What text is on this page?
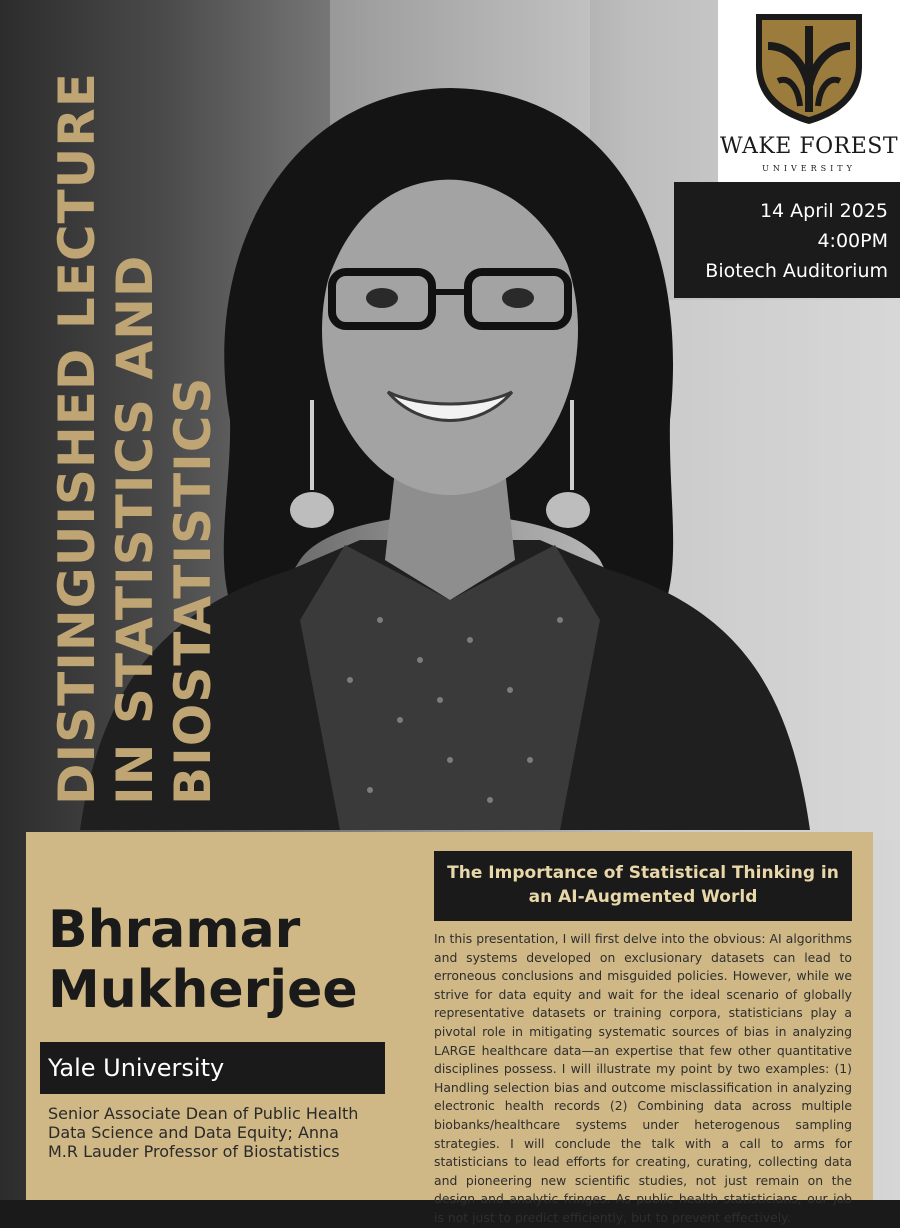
DISTINGUISHED LECTURE
IN STATISTICS AND
BIOSTATISTICS
WAKE FOREST
UNIVERSITY
14 April 2025
4:00PM
Biotech Auditorium
Bhramar
Mukherjee
Yale University
Senior Associate Dean of Public Health Data Science and Data Equity; Anna M.R Lauder Professor of Biostatistics
The Importance of Statistical Thinking in an AI-Augmented World
In this presentation, I will first delve into the obvious: AI algorithms and systems developed on exclusionary datasets can lead to erroneous conclusions and misguided policies. However, while we strive for data equity and wait for the ideal scenario of globally representative datasets or training corpora, statisticians play a pivotal role in mitigating systematic sources of bias in analyzing LARGE healthcare data—an expertise that few other quantitative disciplines possess. I will illustrate my point by two examples: (1) Handling selection bias and outcome misclassification in analyzing electronic health records (2) Combining data across multiple biobanks/healthcare systems under heterogenous sampling strategies. I will conclude the talk with a call to arms for statisticians to lead efforts for creating, curating, collecting data and pioneering new scientific studies, not just remain on the design and analytic fringes. As public health statisticians, our job is not just to predict efficiently, but to prevent effectively.
